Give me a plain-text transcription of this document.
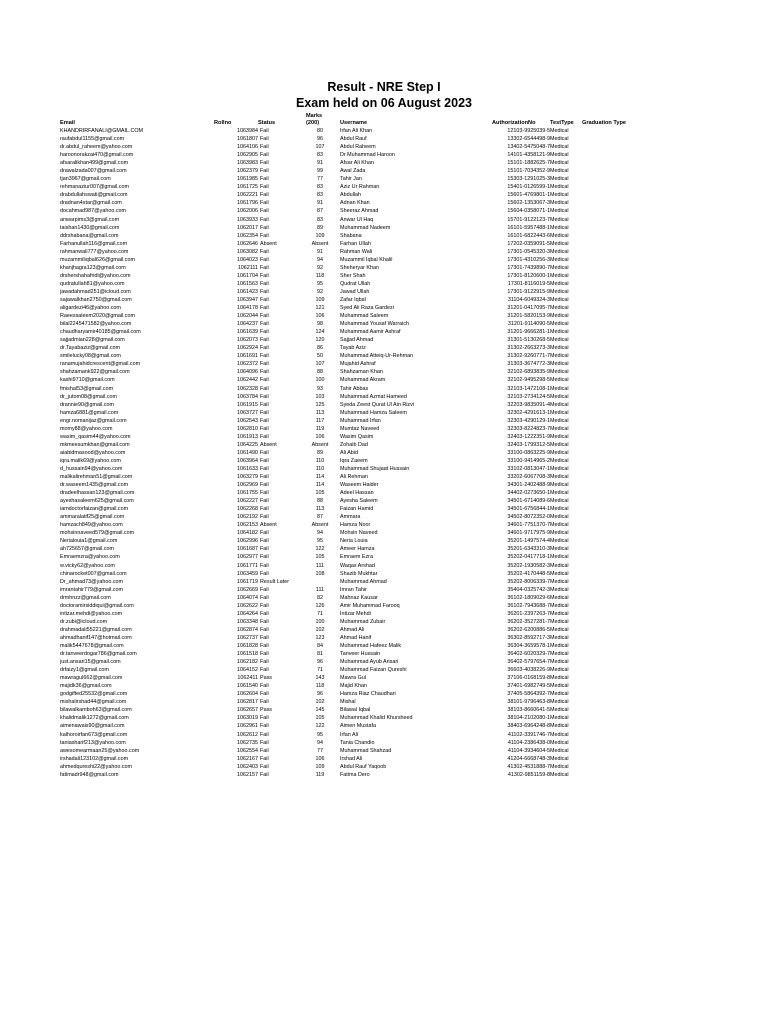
Result - NRE Step I
Exam held on 06 August 2023
Email	Rollno	Status	Marks (200)	Username	AuthorizationNo	TestType	Graduation Type
KHANDRIRFANALI@GMAIL.COM	1063984	Fail	80	Irfan Ali Khan	12103-9925039-5	Medical	
raufabdul1155@gmail.com	1061807	Fail	96	Abdul Rauf	13302-6544498-9	Medical	
dr.abdul_raheem@yahoo.com	1064106	Fail	107	Abdul Raheem	13402-5475048-7	Medical	
haroonorakzai470@gmail.com	1062905	Fail	83	Dr Muhammad Haroon	14101-4358121-9	Medical	
afsaralikhan499@gmail.com	1063983	Fail	91	Afsar Ali Khan	15101-1882625-7	Medical	
drawalzada007@gmail.com	1062379	Fail	99	Awal Zada	15101-7034352-9	Medical	
tjan3967@gmail.com	1061985	Fail	77	Tahir Jan	15303-1291025-3	Medical	
rehmanaziur007@gmail.com	1061725	Fail	83	Aziz Ur Rahman	15401-0126599-1	Medical	
drabdullahswati@gmail.com	1062221	Fail	83	Abdullah	15601-4769801-1	Medical	
dradnan4star@gmail.com	1061796	Fail	91	Adnan Khan	15602-1353067-3	Medical	
docahmad987@yahoo.com	1062006	Fail	87	Sheeraz Ahmad	15604-0358071-1	Medical	
anwarpims3@gmail.com	1063933	Fail	83	Anwar Ul Haq	15701-9122123-7	Medical	
taishan1430@gmail.com	1062017	Fail	89	Muhammad Nadeem	16101-5957488-1	Medical	
ddrshabana@gmail.com	1062354	Fail	109	Shabana	16101-6822443-6	Medical	
Farhanullah116@gmail.com	1062646	Absent	Absent	Farhan Ullah	17202-0359091-5	Medical	
rahmanwali777@yahoo.com	1063082	Fail	91	Rahman Wali	17301-0545320-3	Medical	
muzammiliqbal626@gmail.com	1064023	Fail	94	Muzammil Iqbal Khalil	17301-4310256-3	Medical	
khanjhagra123@gmail.com	1062111	Fail	92	Sheheryar Khan	17301-7439890-7	Medical	
drshershahafridi@yahoo.com	1061704	Fail	118	Sher Shah	17301-8120600-1	Medical	
qudratullah81@yahoo.com	1061563	Fail	95	Qudrat Ullah	17301-8116019-5	Medical	
jawadahmad251@icloud.com	1061423	Fail	92	Jawad Ullah	17301-9122915-9	Medical	
sajawalkhan2750@gmail.com	1063947	Fail	109	Zafar Iqbal	31104-6049324-3	Medical	
aligardezi46@yahoo.com	1064178	Fail	121	Syed Ali Raza Gardezi	31201-0417095-7	Medical	
Raeessaleem2020@gmail.com	1062044	Fail	106	Muhammad Saleem	31201-5820153-9	Medical	
bilal2245471582@yahoo.com	1064237	Fail	98	Muhammad Yousaf Warraich	31201-9114090-5	Medical	
chaudharyamir40185@gmail.com	1061639	Fail	124	Muhammad Aamir Ashraf	31201-9666281-1	Medical	
sajjadmian228@gmail.com	1062073	Fail	120	Sajjad Ahmad	31301-5130268-5	Medical	
dr.Tayabaziz@gmail.com	1062924	Fail	86	Tayab Aziz	31302-2663273-3	Medical	
smilelucky08@gmail.com	1061691	Fail	50	Muhammad Atteiq-Ur-Rehman	31302-9260771-7	Medical	
ranamujahidcrescent@gmail.com	1062372	Fail	107	Mujahid Ashraf	31303-3674772-3	Medical	
shahzamank922@gmail.com	1064096	Fail	88	Shahzaman Khan	32102-6893835-9	Medical	
kashi9710@gmail.com	1062442	Fail	100	Muhammad Akram	32102-9495298-5	Medical	
fmishal53@gmail.com	1062328	Fail	93	Tahir Abbas	32103-1472108-1	Medical	
dr_jutom08@gmail.com	1063784	Fail	103	Muhammad Azmat Hameed	32103-2734124-5	Medical	
drannie90@gmail.com	1061915	Fail	125	Syeda Zeest Qurat Ul Ain Rizvi	32203-9835091-4	Medical	
hamza6881@gmail.com	1063727	Fail	113	Muhammad Hamza Saleem	32302-4291613-1	Medical	
engr.nomanijaz@gmail.com	1062543	Fail	117	Muhammad Irfan	32303-4290129-1	Medical	
momy88@yahoo.com	1062810	Fail	119	Mumtaz Naveed	32303-8224823-7	Medical	
wasim_qasim44@yahoo.com	1061913	Fail	106	Wasim Qasim	32403-1222351-9	Medical	
mkmeesumkhan@gmail.com	1064225	Absent	Absent	Zohaib Dad	32403-1799312-5	Medical	
aiabidmasood@yahoo.com	1061490	Fail	89	Ali Abid	33100-0863225-9	Medical	
iqra.malik69@yahoo.com	1063964	Fail	110	Iqra Zaeem	33100-9414965-2	Medical	
d_hussain94@yahoo.com	1061633	Fail	110	Muhammad Shujaat Hussain	33102-0813047-1	Medical	
malikalirehman51@gmail.com	1063279	Fail	114	Ali Rehman	33202-6067708-3	Medical	
dr.waseem1435@gmail.com	1062969	Fail	114	Waseem Haider	34301-2402488-9	Medical	
dradeelhassan123@gmail.com	1061755	Fail	105	Adeel Hassan	34402-0273650-1	Medical	
ayeshasaleem625@gmail.com	1062227	Fail	88	Ayesha Saleem	34501-6714089-6	Medical	
iamdoctorfaizan@gmail.com	1062268	Fail	113	Faizan Hamid	34501-6756844-1	Medical	
ammaralatif25@gmail.com	1062192	Fail	87	Ammara	34502-8072352-0	Medical	
hamzach849@yahoo.com	1062153	Absent	Absent	Hamza Noor	34601-7751370-7	Medical	
mohsinnaveed579@gmail.com	1064182	Fail	94	Mohsin Naveed	34601-9717975-9	Medical	
Nerialouia1@gmail.com	1062996	Fail	95	Neria Louia	35201-1497574-4	Medical	
ah725657@gmail.com	1061687	Fail	122	Ameer Hamza	35201-6343310-3	Medical	
Emraemzra@yahoo.com	1062977	Fail	105	Emraem Ezra	35202-0417718-1	Medical	
w.vicky62@yahoo.com	1061771	Fail	111	Waqas Arshad	35202-1930582-3	Medical	
chinarocket007@gmail.com	1063459	Fail	108	Shazib Mukhtar	35202-4170448-5	Medical	
Dr_ahmad73@yahoo.com	1061719	Result Later		Muhammad Ahmad	35202-8006339-7	Medical	
imrantahir779@gmail.com	1062669	Fail	111	Imran Tahir	35404-0325742-3	Medical	
drmhnzz@gmail.com	1064074	Fail	82	Mahnaz Kausar	36102-1809029-6	Medical	
doctoramirsiddiqui@gmail.com	1062622	Fail	126	Amir Muhammad Farooq	36102-7943688-7	Medical	
intizar.mehdi@yahoo.com	1064264	Fail	71	Intizar Mehdi	36201-2397263-7	Medical	
dr.zubi@icloud.com	1063348	Fail	100	Muhammad Zubair	36202-3527281-7	Medical	
drahmadali55221@gmail.com	1062874	Fail	102	Ahmad Ali	36202-6200886-5	Medical	
ahmadhanif147@hotmail.com	1062737	Fail	123	Ahmad Hanif	36302-8592717-3	Medical	
malik5447678@gmail.com	1061828	Fail	84	Muhammad Hafeez Malik	36304-3659578-1	Medical	
dr.tanveerdogar786@gmail.com	1061518	Fail	81	Tanveer Hussain	36402-6020329-7	Medical	
just.ansari15@gmail.com	1062182	Fail	96	Muhammad Ayub Ansari	36402-5797654-7	Medical	
drfaizy1@gmail.com	1064152	Fail	71	Muhammad Faizan Qureshi	36603-4038226-9	Medical	
mawragul662@gmail.com	1062411	Pass	143	Mawra Gul	37106-0168159-8	Medical	
majidk36@gmail.com	1061540	Fail	118	Majid Khan	37401-6982749-5	Medical	
godgifted25532@gmail.com	1062604	Fail	96	Hamza Riaz Chaudhari	37405-5864392-7	Medical	
mishalirshad44@gmail.com	1062817	Fail	102	Mishal	38101-9796463-8	Medical	
bilawalkamboh63@gmail.com	1062657	Pass	145	Bilawal Iqbal	38103-8660641-5	Medical	
khalidmalik1272@gmail.com	1063019	Fail	105	Muhammad Khalid Khursheed	38104-2102080-1	Medical	
aimenawais90@gmail.com	1062961	Fail	122	Aimen Mustafa	38403-6964248-8	Medical	
kalhoroirfan673@gmail.com	1062612	Fail	95	Irfan Ali	41102-3391746-7	Medical	
taniasharif213@yahoo.com	1062735	Fail	94	Tania Chandio	41104-2386438-0	Medical	
awesomearmaan25@yahoo.com	1062554	Fail	77	Muhammad Shahzad	41104-3934604-5	Medical	
irshadali123102@gmail.com	1062167	Fail	106	Irshad Ali	41204-6668748-3	Medical	
ahmedqureshi22@yahoo.com	1062403	Fail	109	Abdul Rauf Yaqoob	41302-4531888-7	Medical	
fatimadr948@gmail.com	1062157	Fail	119	Fatima Dero	41302-9851159-8	Medical	
